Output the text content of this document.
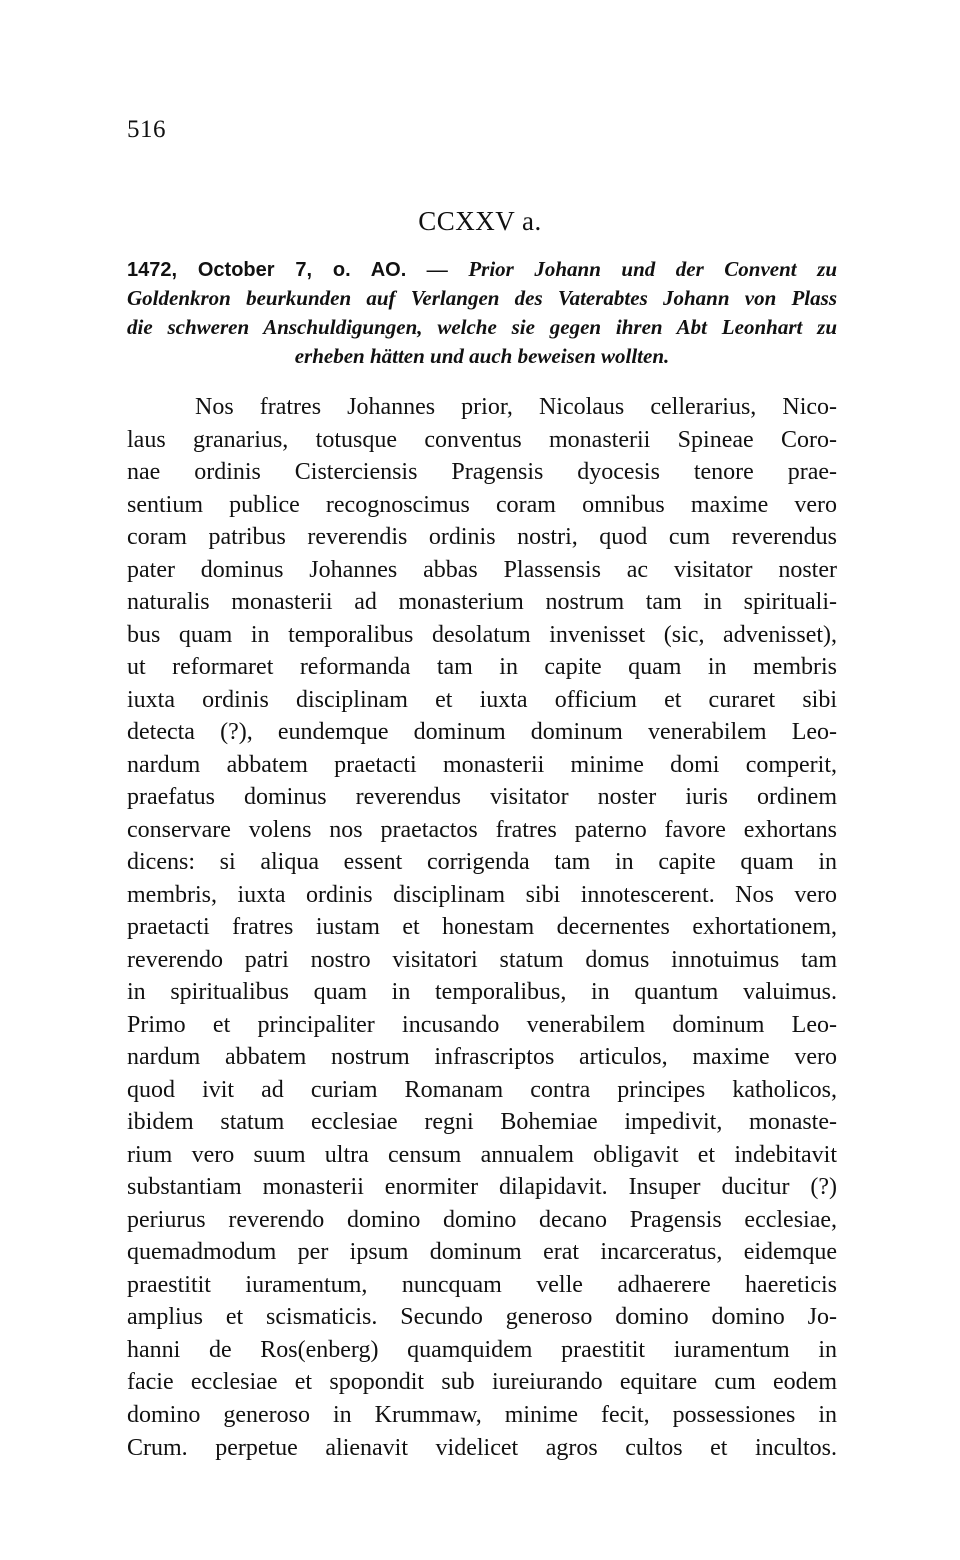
516
CCXXV a.
1472, October 7, o. AO. — Prior Johann und der Convent zu
Goldenkron beurkunden auf Verlangen des Vaterabtes Johann von Plass
die schweren Anschuldigungen, welche sie gegen ihren Abt Leonhart zu
erheben hätten und auch beweisen wollten.
Nos fratres Johannes prior, Nicolaus cellerarius, Nico-
laus granarius, totusque conventus monasterii Spineae Coro-
nae ordinis Cisterciensis Pragensis dyocesis tenore prae-
sentium publice recognoscimus coram omnibus maxime vero
coram patribus reverendis ordinis nostri, quod cum reverendus
pater dominus Johannes abbas Plassensis ac visitator noster
naturalis monasterii ad monasterium nostrum tam in spirituali-
bus quam in temporalibus desolatum invenisset (sic, advenisset),
ut reformaret reformanda tam in capite quam in membris
iuxta ordinis disciplinam et iuxta officium et curaret sibi
detecta (?), eundemque dominum dominum venerabilem Leo-
nardum abbatem praetacti monasterii minime domi comperit,
praefatus dominus reverendus visitator noster iuris ordinem
conservare volens nos praetactos fratres paterno favore exhortans
dicens: si aliqua essent corrigenda tam in capite quam in
membris, iuxta ordinis disciplinam sibi innotescerent. Nos vero
praetacti fratres iustam et honestam decernentes exhortationem,
reverendo patri nostro visitatori statum domus innotuimus tam
in spiritualibus quam in temporalibus, in quantum valuimus.
Primo et principaliter incusando venerabilem dominum Leo-
nardum abbatem nostrum infrascriptos articulos, maxime vero
quod ivit ad curiam Romanam contra principes katholicos,
ibidem statum ecclesiae regni Bohemiae impedivit, monaste-
rium vero suum ultra censum annualem obligavit et indebitavit
substantiam monasterii enormiter dilapidavit. Insuper ducitur (?)
periurus reverendo domino domino decano Pragensis ecclesiae,
quemadmodum per ipsum dominum erat incarceratus, eidemque
praestitit iuramentum, nuncquam velle adhaerere haereticis
amplius et scismaticis. Secundo generoso domino domino Jo-
hanni de Ros(enberg) quamquidem praestitit iuramentum in
facie ecclesiae et spopondit sub iureiurando equitare cum eodem
domino generoso in Krummaw, minime fecit, possessiones in
Crum. perpetue alienavit videlicet agros cultos et incultos.
